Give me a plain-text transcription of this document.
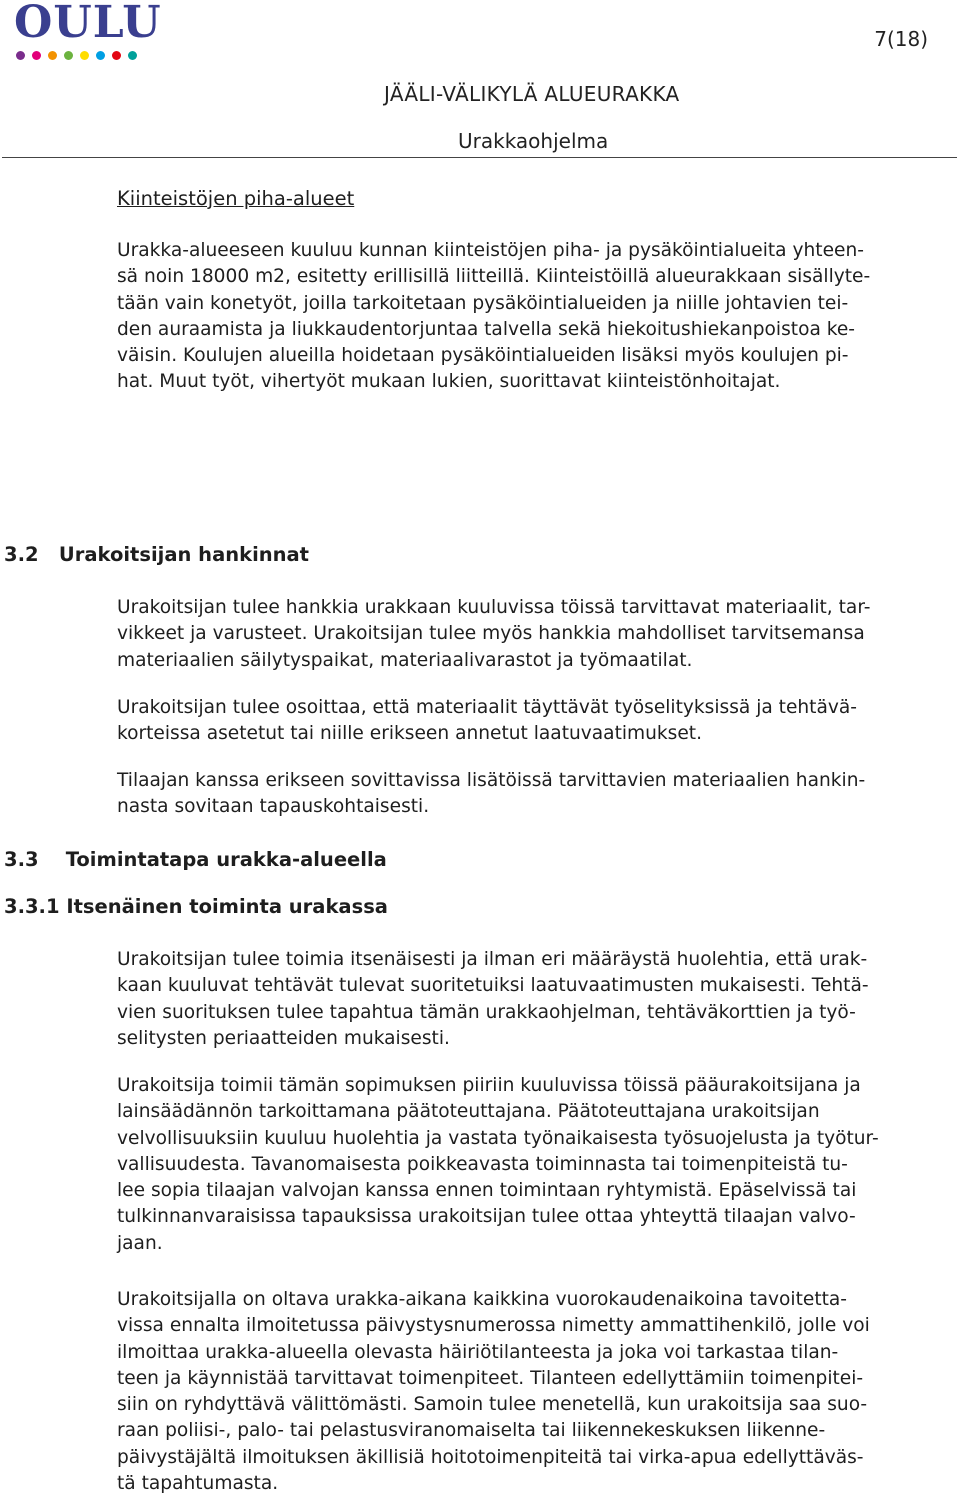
OULU	7(18)
JÄÄLI-VÄLIKYLÄ ALUEURAKKA
Urakkaohjelma
Kiinteistöjen piha-alueet
Urakka-alueeseen kuuluu kunnan kiinteistöjen piha- ja pysäköintialueita yhteen-
sä noin 18000 m2, esitetty erillisillä liitteillä. Kiinteistöillä alueurakkaan sisällyte-
tään vain konetyöt, joilla tarkoitetaan pysäköintialueiden ja niille johtavien tei-
den auraamista ja liukkaudentorjuntaa talvella sekä hiekoitushiekanpoistoa ke-
väisin. Koulujen alueilla hoidetaan pysäköintialueiden lisäksi myös koulujen pi-
hat. Muut työt, vihertyöt mukaan lukien, suorittavat kiinteistönhoitajat.
3.2 Urakoitsijan hankinnat
Urakoitsijan tulee hankkia urakkaan kuuluvissa töissä tarvittavat materiaalit, tar-
vikkeet ja varusteet. Urakoitsijan tulee myös hankkia mahdolliset tarvitsemansa
materiaalien säilytyspaikat, materiaalivarastot ja työmaatilat.
Urakoitsijan tulee osoittaa, että materiaalit täyttävät työselityksissä ja tehtävä-
korteissa asetetut tai niille erikseen annetut laatuvaatimukset.
Tilaajan kanssa erikseen sovittavissa lisätöissä tarvittavien materiaalien hankin-
nasta sovitaan tapauskohtaisesti.
3.3 Toimintatapa urakka-alueella
3.3.1 Itsenäinen toiminta urakassa
Urakoitsijan tulee toimia itsenäisesti ja ilman eri määräystä huolehtia, että urak-
kaan kuuluvat tehtävät tulevat suoritetuiksi laatuvaatimusten mukaisesti. Tehtä-
vien suorituksen tulee tapahtua tämän urakkaohjelman, tehtäväkorttien ja työ-
selitysten periaatteiden mukaisesti.
Urakoitsija toimii tämän sopimuksen piiriin kuuluvissa töissä pääurakoitsijana ja
lainsäädännön tarkoittamana päätoteuttajana. Päätoteuttajana urakoitsijan
velvollisuuksiin kuuluu huolehtia ja vastata työnaikaisesta työsuojelusta ja työtur-
vallisuudesta. Tavanomaisesta poikkeavasta toiminnasta tai toimenpiteistä tu-
lee sopia tilaajan valvojan kanssa ennen toimintaan ryhtymistä. Epäselvissä tai
tulkinnanvaraisissa tapauksissa urakoitsijan tulee ottaa yhteyttä tilaajan valvo-
jaan.
Urakoitsijalla on oltava urakka-aikana kaikkina vuorokaudenaikoina tavoitetta-
vissa ennalta ilmoitetussa päivystysnumerossa nimetty ammattihenkilö, jolle voi
ilmoittaa urakka-alueella olevasta häiriötilanteesta ja joka voi tarkastaa tilan-
teen ja käynnistää tarvittavat toimenpiteet. Tilanteen edellyttämiin toimenpitei-
siin on ryhdyttävä välittömästi. Samoin tulee menetellä, kun urakoitsija saa suo-
raan poliisi-, palo- tai pelastusviranomaiselta tai liikennekeskuksen liikenne-
päivystäjältä ilmoituksen äkillisiä hoitotoimenpiteitä tai virka-apua edellyttäväs-
tä tapahtumasta.
